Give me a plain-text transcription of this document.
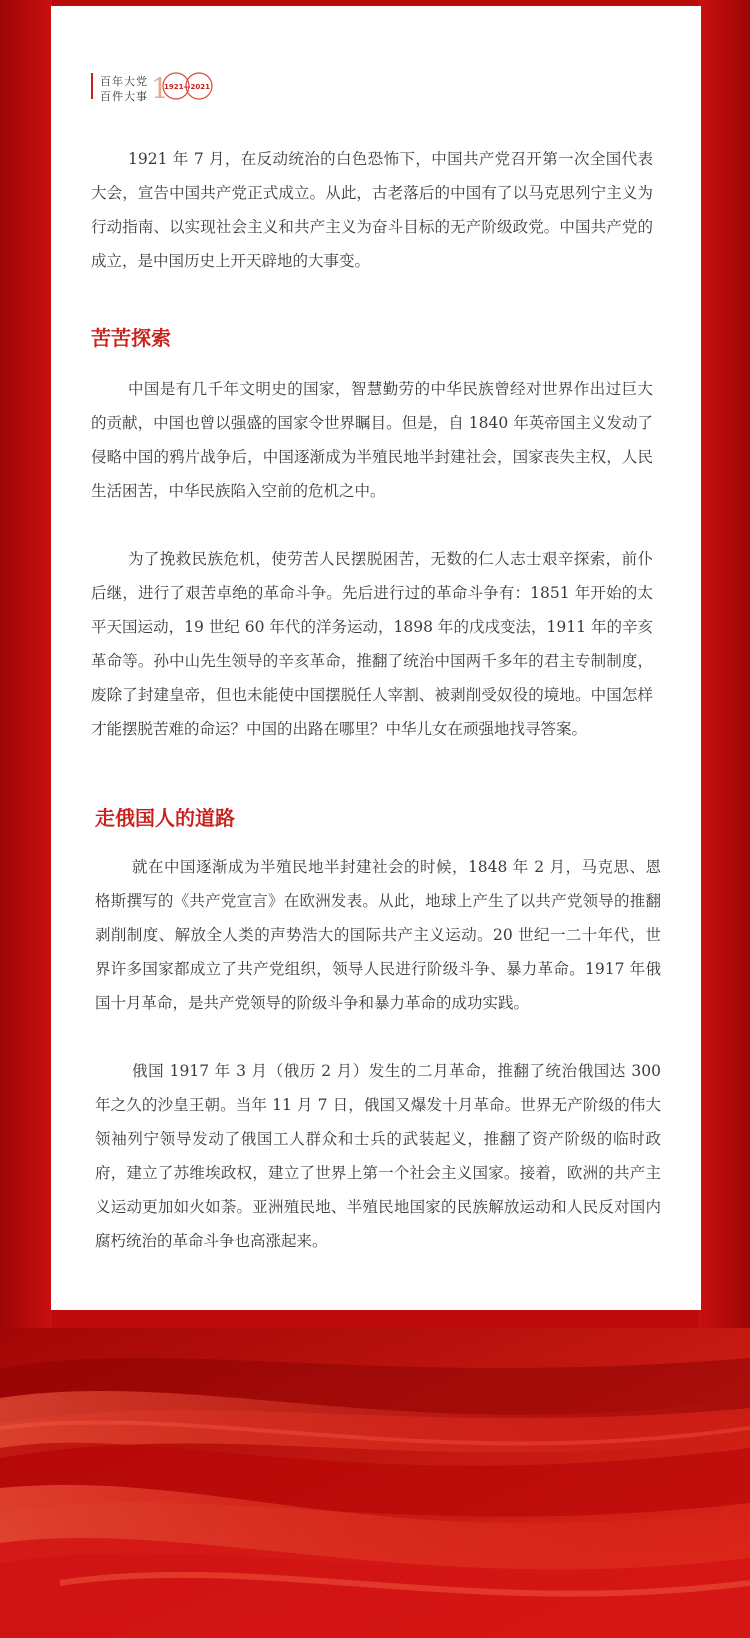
百年大党
百件大事 1
1921—2021

1921 年 7 月，在反动统治的白色恐怖下，中国共产党召开第一次全国代表大会，宣告中国共产党正式成立。从此，古老落后的中国有了以马克思列宁主义为行动指南、以实现社会主义和共产主义为奋斗目标的无产阶级政党。中国共产党的成立，是中国历史上开天辟地的大事变。

苦苦探索

中国是有几千年文明史的国家，智慧勤劳的中华民族曾经对世界作出过巨大的贡献，中国也曾以强盛的国家令世界瞩目。但是，自 1840 年英帝国主义发动了侵略中国的鸦片战争后，中国逐渐成为半殖民地半封建社会，国家丧失主权，人民生活困苦，中华民族陷入空前的危机之中。

为了挽救民族危机，使劳苦人民摆脱困苦，无数的仁人志士艰辛探索，前仆后继，进行了艰苦卓绝的革命斗争。先后进行过的革命斗争有：1851 年开始的太平天国运动，19 世纪 60 年代的洋务运动，1898 年的戊戌变法，1911 年的辛亥革命等。孙中山先生领导的辛亥革命，推翻了统治中国两千多年的君主专制制度，废除了封建皇帝，但也未能使中国摆脱任人宰割、被剥削受奴役的境地。中国怎样才能摆脱苦难的命运？中国的出路在哪里？中华儿女在顽强地找寻答案。

走俄国人的道路

就在中国逐渐成为半殖民地半封建社会的时候，1848 年 2 月，马克思、恩格斯撰写的《共产党宣言》在欧洲发表。从此，地球上产生了以共产党领导的推翻剥削制度、解放全人类的声势浩大的国际共产主义运动。20 世纪一二十年代，世界许多国家都成立了共产党组织，领导人民进行阶级斗争、暴力革命。1917 年俄国十月革命，是共产党领导的阶级斗争和暴力革命的成功实践。

俄国 1917 年 3 月（俄历 2 月）发生的二月革命，推翻了统治俄国达 300 年之久的沙皇王朝。当年 11 月 7 日，俄国又爆发十月革命。世界无产阶级的伟大领袖列宁领导发动了俄国工人群众和士兵的武装起义，推翻了资产阶级的临时政府，建立了苏维埃政权，建立了世界上第一个社会主义国家。接着，欧洲的共产主义运动更加如火如荼。亚洲殖民地、半殖民地国家的民族解放运动和人民反对国内腐朽统治的革命斗争也高涨起来。
